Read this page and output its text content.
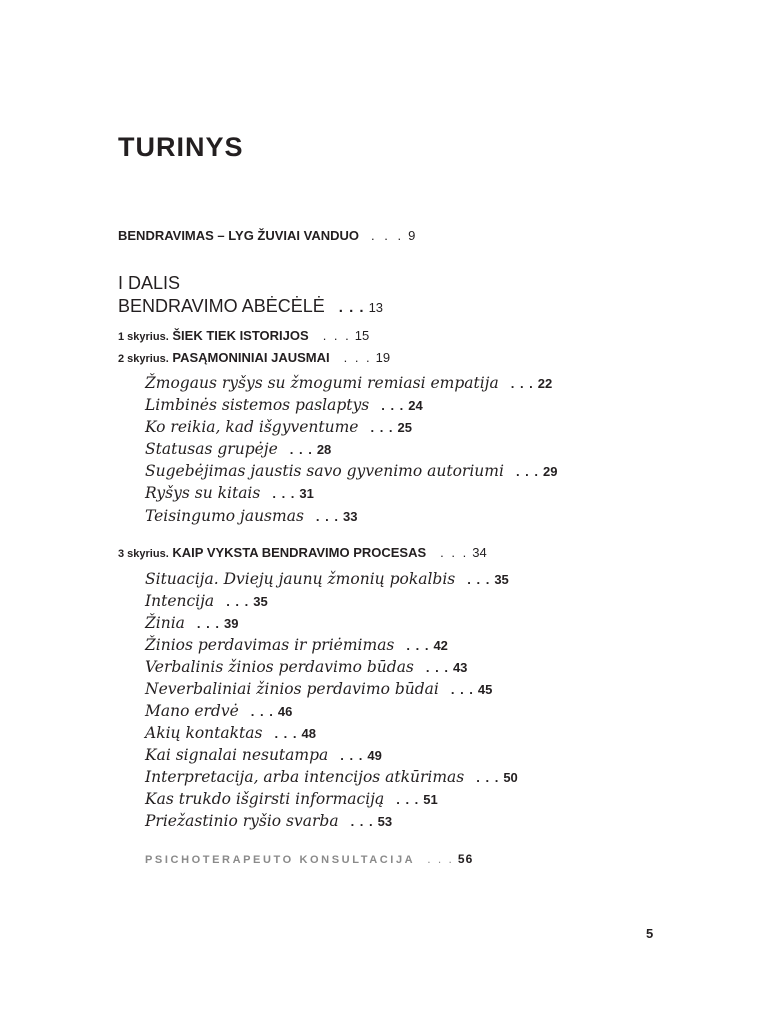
TURINYS
BENDRAVIMAS – LYG ŽUVIAI VANDUO . . . 9
I DALIS
BENDRAVIMO ABĖCĖLĖ . . . 13
1 skyrius. ŠIEK TIEK ISTORIJOS . . . 15
2 skyrius. PASĄMONINIAI JAUSMAI . . . 19
Žmogaus ryšys su žmogumi remiasi empatija . . . 22
Limbinės sistemos paslaptys . . . 24
Ko reikia, kad išgyventume . . . 25
Statusas grupėje . . . 28
Sugebėjimas jaustis savo gyvenimo autoriumi . . . 29
Ryšys su kitais . . . 31
Teisingumo jausmas . . . 33
3 skyrius. KAIP VYKSTA BENDRAVIMO PROCESAS . . . 34
Situacija. Dviejų jaunų žmonių pokalbis . . . 35
Intencija . . . 35
Žinia . . . 39
Žinios perdavimas ir priėmimas . . . 42
Verbalinis žinios perdavimo būdas . . . 43
Neverbaliniai žinios perdavimo būdai . . . 45
Mano erdvė . . . 46
Akių kontaktas . . . 48
Kai signalai nesutampa . . . 49
Interpretacija, arba intencijos atkūrimas . . . 50
Kas trukdo išgirsti informaciją . . . 51
Priežastinio ryšio svarba . . . 53
PSICHOTERAPEUTO KONSULTACIJA . . . 56
5
